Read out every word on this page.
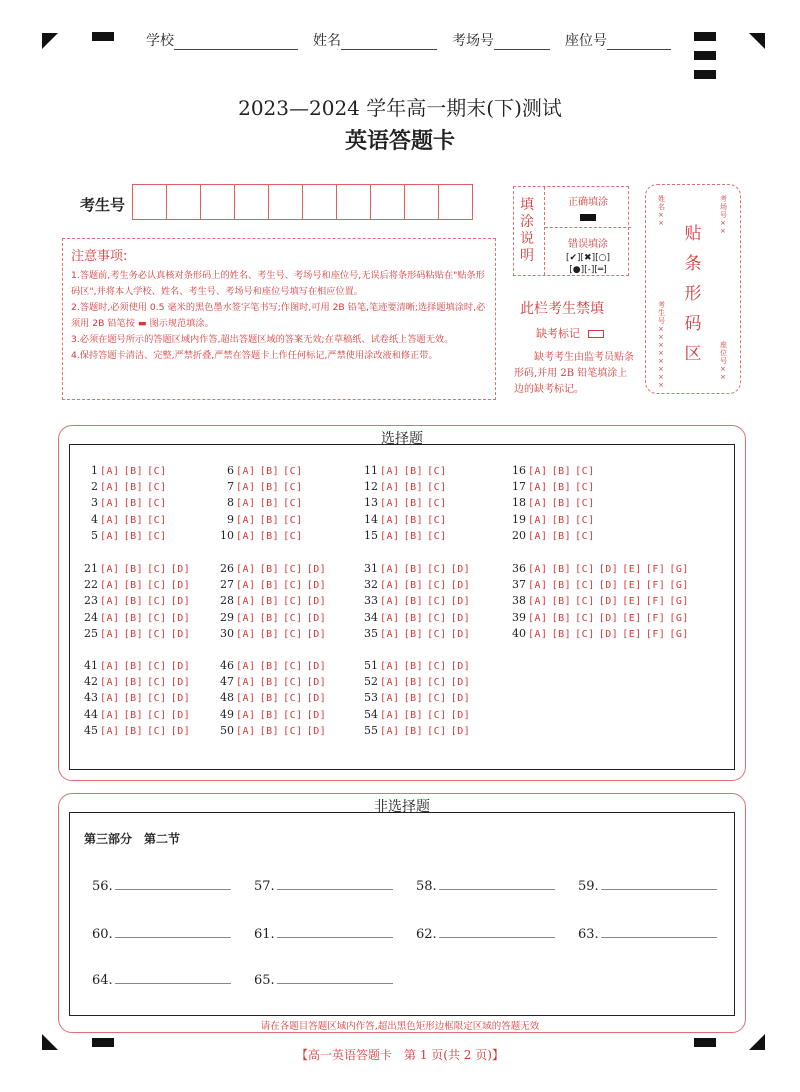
学校	姓名	考场号	座位号
2023—2024 学年高一期末(下)测试
英语答题卡
考生号
注意事项:
1.答题前,考生务必认真核对条形码上的姓名、考生号、考场号和座位号,无误后将条形码粘贴在"贴条形码区",并将本人学校、姓名、考生号、考场号和座位号填写在相应位置。
2.答题时,必须使用 0.5 毫米的黑色墨水签字笔书写;作图时,可用 2B 铅笔,笔迹要清晰;选择题填涂时,必须用 2B 铅笔按 ▬ 图示规范填涂。
3.必须在题号所示的答题区域内作答,超出答题区域的答案无效;在草稿纸、试卷纸上答题无效。
4.保持答题卡清洁、完整,严禁折叠,严禁在答题卡上作任何标记,严禁使用涂改液和修正带。
填涂说明
正确填涂
错误填涂
[✔][✖][○]
[●][-][═]
此栏考生禁填
缺考标记
缺考考生由监考员贴条形码,并用 2B 铅笔填涂上边的缺考标记。
姓名××
考场号××
贴条形码区
考生号××××××××
座位号××
选择题
1 [A] [B] [C]
2 [A] [B] [C]
3 [A] [B] [C]
4 [A] [B] [C]
5 [A] [B] [C]
6 [A] [B] [C]
7 [A] [B] [C]
8 [A] [B] [C]
9 [A] [B] [C]
10 [A] [B] [C]
11 [A] [B] [C]
12 [A] [B] [C]
13 [A] [B] [C]
14 [A] [B] [C]
15 [A] [B] [C]
16 [A] [B] [C]
17 [A] [B] [C]
18 [A] [B] [C]
19 [A] [B] [C]
20 [A] [B] [C]
21 [A] [B] [C] [D]
22 [A] [B] [C] [D]
23 [A] [B] [C] [D]
24 [A] [B] [C] [D]
25 [A] [B] [C] [D]
26 [A] [B] [C] [D]
27 [A] [B] [C] [D]
28 [A] [B] [C] [D]
29 [A] [B] [C] [D]
30 [A] [B] [C] [D]
31 [A] [B] [C] [D]
32 [A] [B] [C] [D]
33 [A] [B] [C] [D]
34 [A] [B] [C] [D]
35 [A] [B] [C] [D]
36 [A] [B] [C] [D] [E] [F] [G]
37 [A] [B] [C] [D] [E] [F] [G]
38 [A] [B] [C] [D] [E] [F] [G]
39 [A] [B] [C] [D] [E] [F] [G]
40 [A] [B] [C] [D] [E] [F] [G]
41 [A] [B] [C] [D]
42 [A] [B] [C] [D]
43 [A] [B] [C] [D]
44 [A] [B] [C] [D]
45 [A] [B] [C] [D]
46 [A] [B] [C] [D]
47 [A] [B] [C] [D]
48 [A] [B] [C] [D]
49 [A] [B] [C] [D]
50 [A] [B] [C] [D]
51 [A] [B] [C] [D]
52 [A] [B] [C] [D]
53 [A] [B] [C] [D]
54 [A] [B] [C] [D]
55 [A] [B] [C] [D]
非选择题
第三部分　第二节
56.	57.	58.	59.
60.	61.	62.	63.
64.	65.
请在各题目答题区域内作答,超出黑色矩形边框限定区域的答题无效
【高一英语答题卡　第 1 页(共 2 页)】
